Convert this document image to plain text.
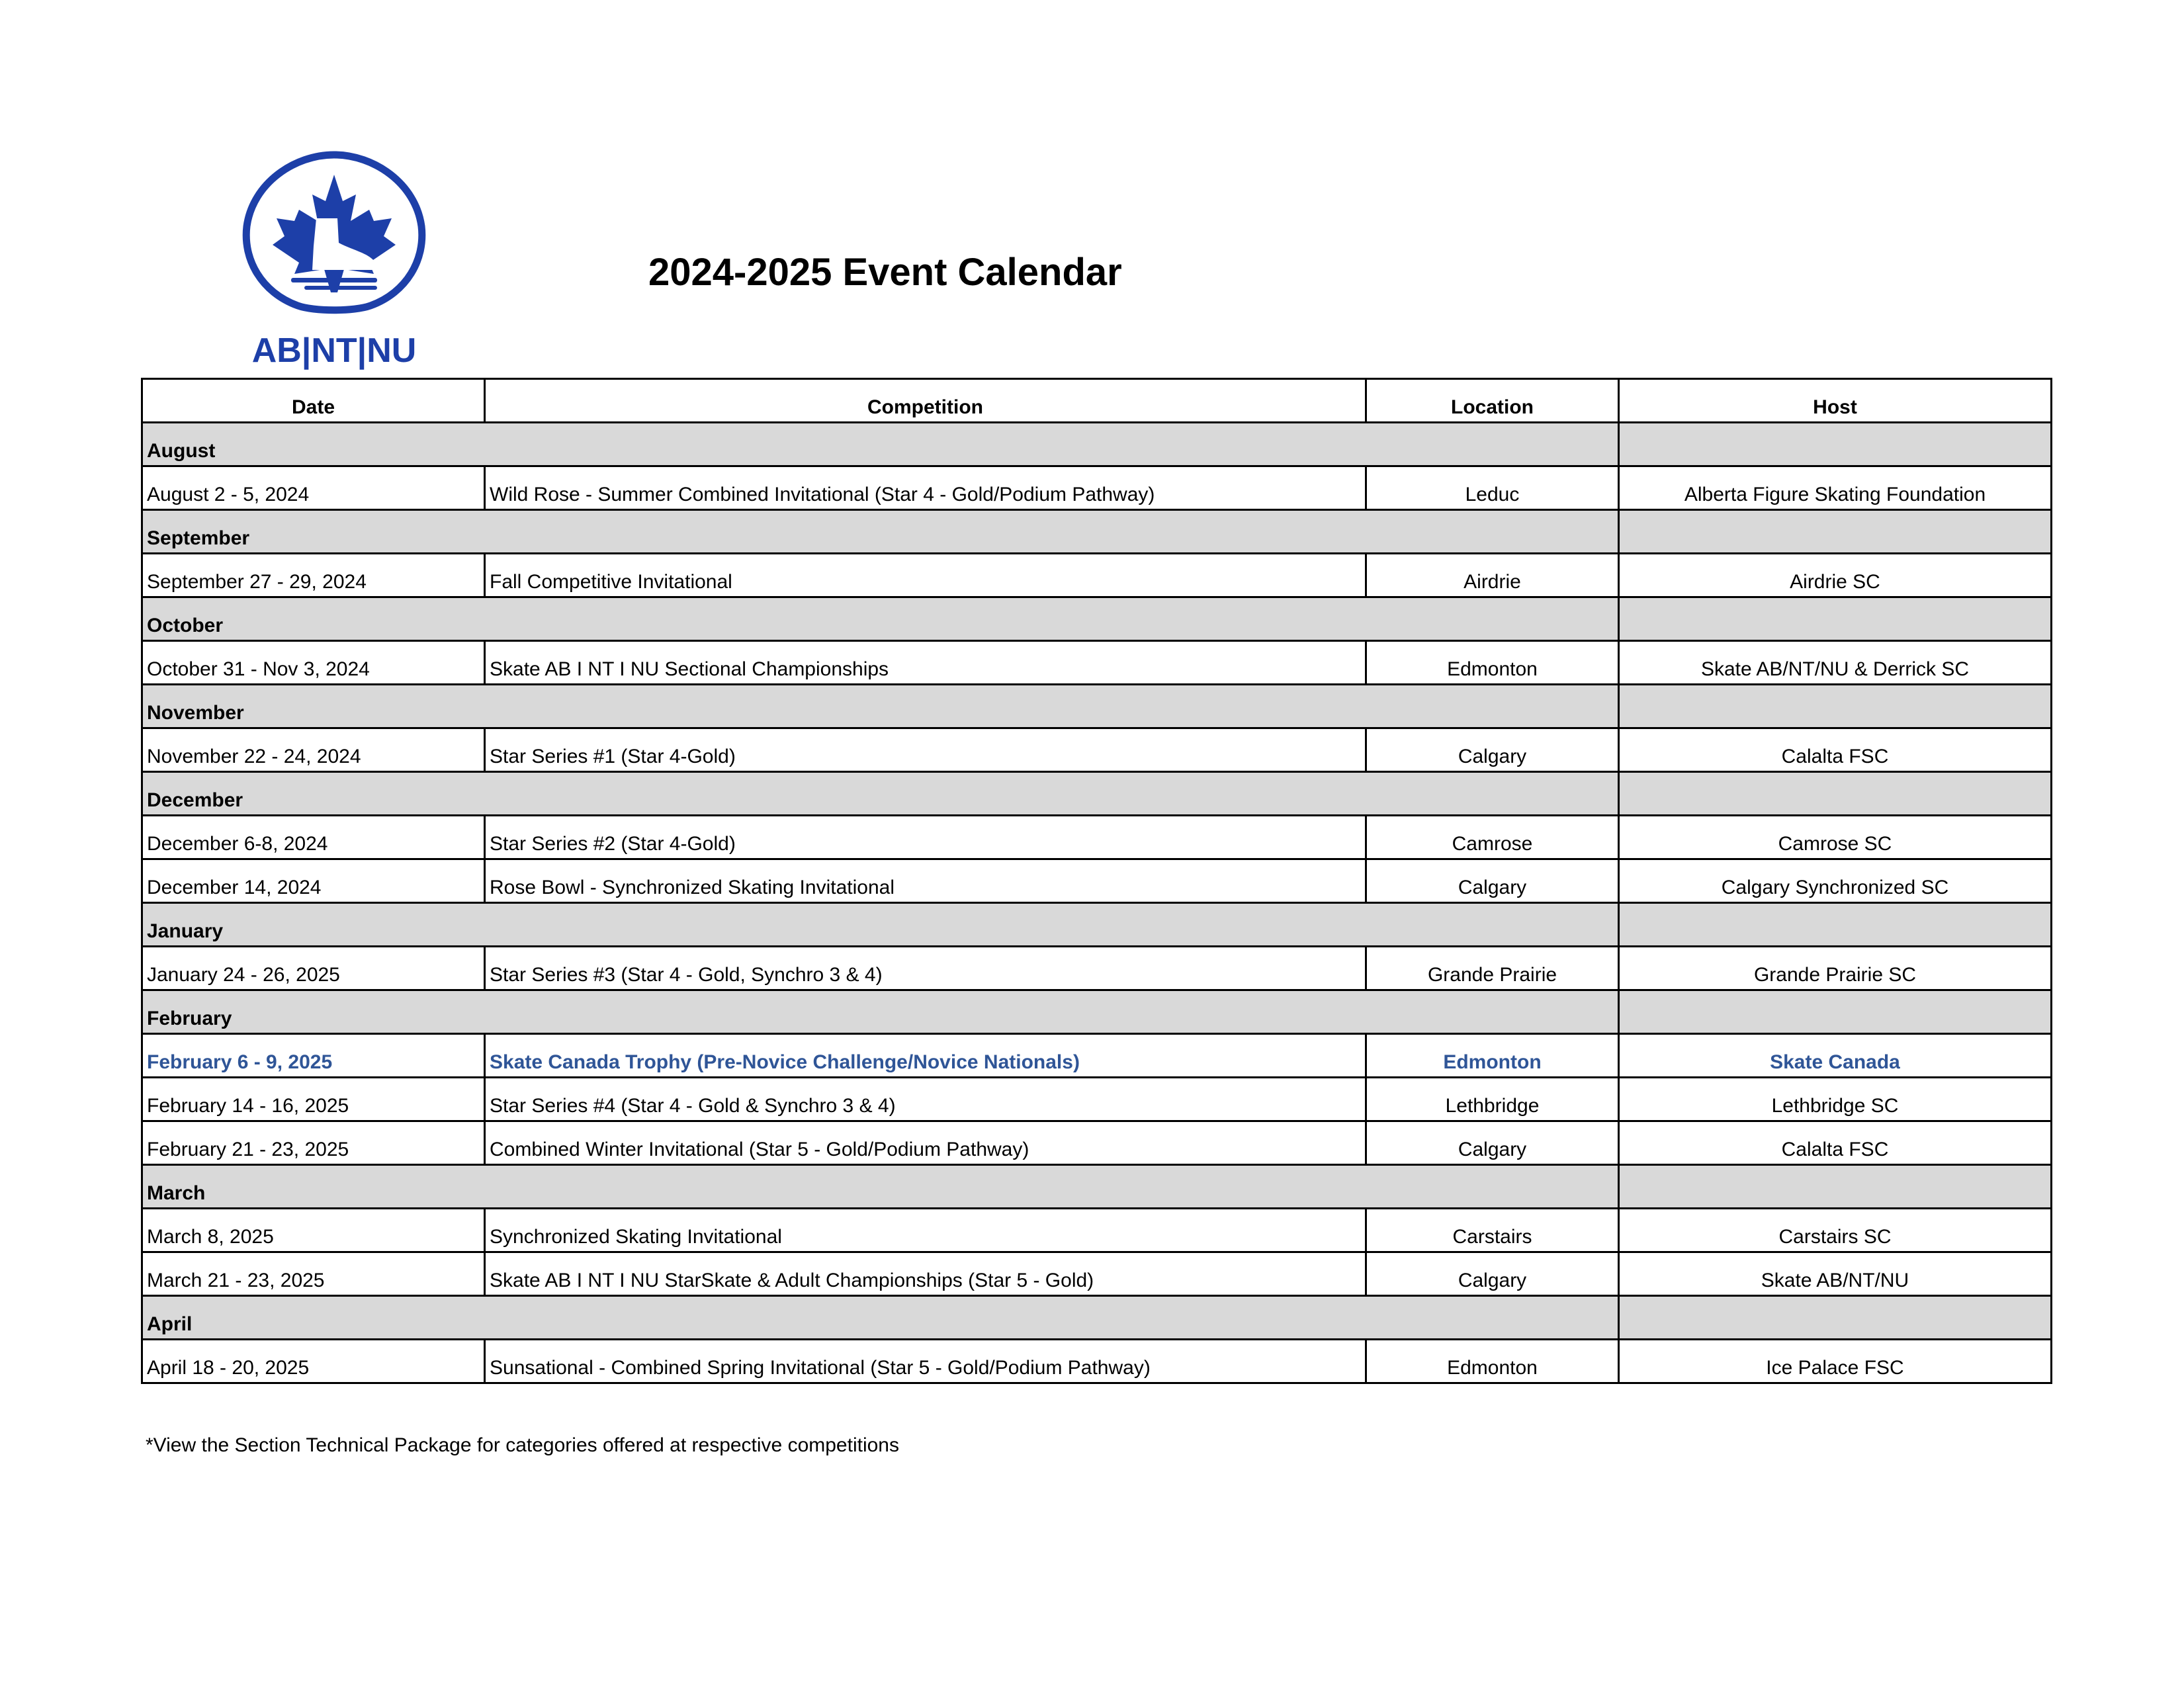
AB|NT|NU
2024-2025 Event Calendar
Date	Competition	Location	Host
August			
August 2 - 5, 2024	Wild Rose - Summer Combined Invitational (Star 4 - Gold/Podium Pathway)	Leduc	Alberta Figure Skating Foundation
September			
September 27 - 29, 2024	Fall Competitive Invitational	Airdrie	Airdrie SC
October			
October 31 - Nov 3, 2024	Skate AB I NT I NU Sectional Championships	Edmonton	Skate AB/NT/NU & Derrick SC
November			
November 22 - 24, 2024	Star Series #1 (Star 4-Gold)	Calgary	Calalta FSC
December			
December 6-8, 2024	Star Series #2 (Star 4-Gold)	Camrose	Camrose SC
December 14, 2024	Rose Bowl - Synchronized Skating Invitational	Calgary	Calgary Synchronized SC
January			
January 24 - 26, 2025	Star Series #3 (Star 4 - Gold, Synchro 3 & 4)	Grande Prairie	Grande Prairie SC
February			
February 6 - 9, 2025	Skate Canada Trophy (Pre-Novice Challenge/Novice Nationals)	Edmonton	Skate Canada
February 14 - 16, 2025	Star Series #4 (Star 4 - Gold & Synchro 3 & 4)	Lethbridge	Lethbridge SC
February 21 - 23, 2025	Combined Winter Invitational (Star 5 - Gold/Podium Pathway)	Calgary	Calalta FSC
March			
March 8, 2025	Synchronized Skating Invitational	Carstairs	Carstairs SC
March 21 - 23, 2025	Skate AB I NT I NU StarSkate & Adult Championships (Star 5 - Gold)	Calgary	Skate AB/NT/NU
April			
April 18 - 20, 2025	Sunsational - Combined Spring Invitational (Star 5 - Gold/Podium Pathway)	Edmonton	Ice Palace FSC
*View the Section Technical Package for categories offered at respective competitions
